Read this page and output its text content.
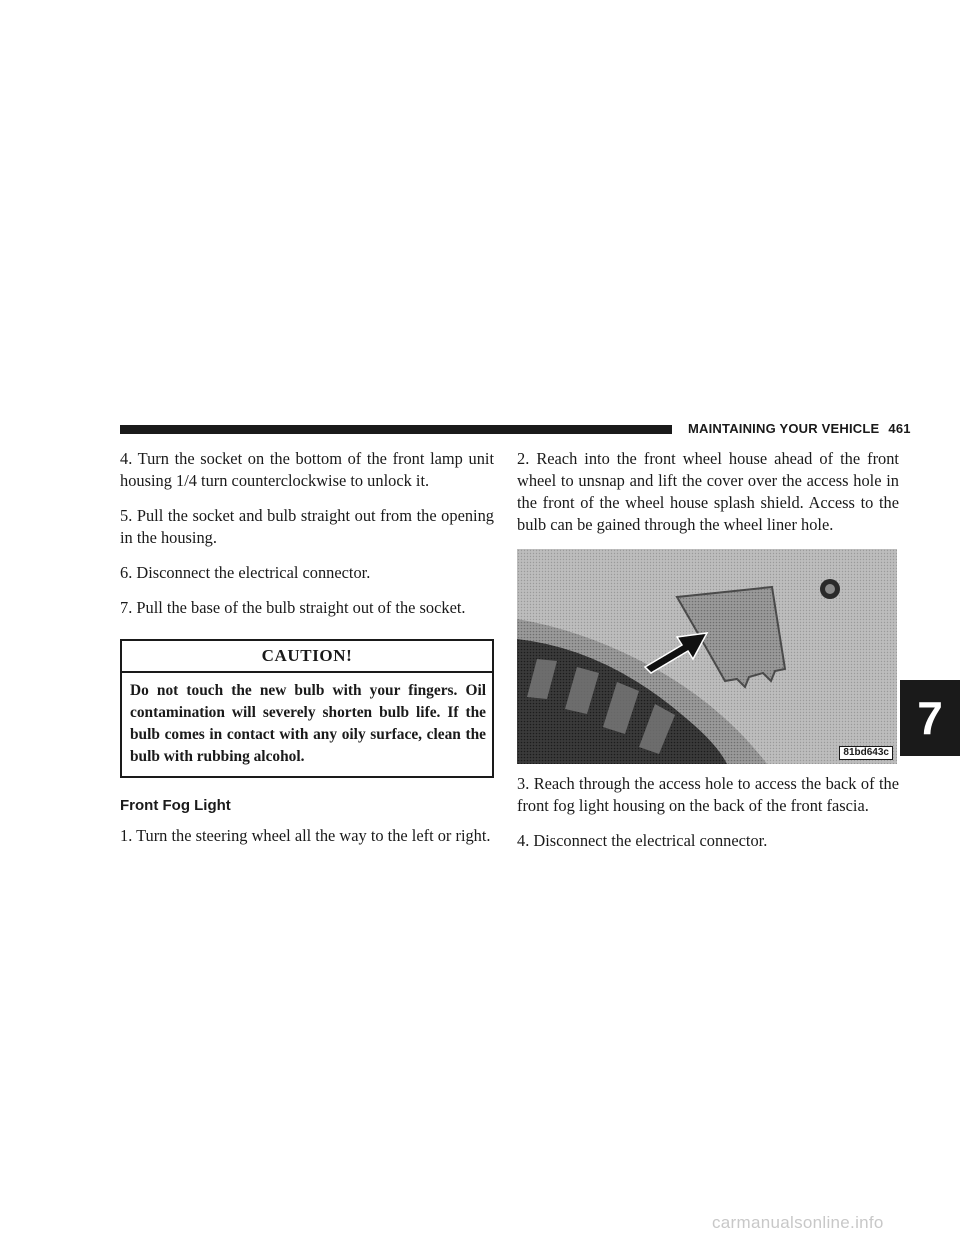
MAINTAINING YOUR VEHICLE 461

4. Turn the socket on the bottom of the front lamp unit housing 1/4 turn counterclockwise to unlock it.

5. Pull the socket and bulb straight out from the opening in the housing.

6. Disconnect the electrical connector.

7. Pull the base of the bulb straight out of the socket.

CAUTION!
Do not touch the new bulb with your fingers. Oil contamination will severely shorten bulb life. If the bulb comes in contact with any oily surface, clean the bulb with rubbing alcohol.
Front Fog Light

1. Turn the steering wheel all the way to the left or right.

2. Reach into the front wheel house ahead of the front wheel to unsnap and lift the cover over the access hole in the front of the wheel house splash shield. Access to the bulb can be gained through the wheel liner hole.

81bd643c

3. Reach through the access hole to access the back of the front fog light housing on the back of the front fascia.

4. Disconnect the electrical connector.

7
carmanualsonline.info
